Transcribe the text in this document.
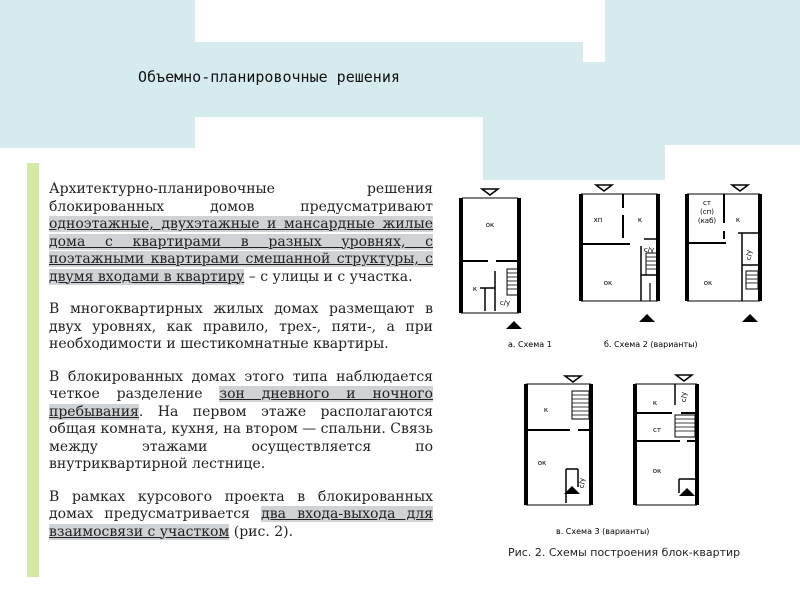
Объемно-планировочные решения

Архитектурно-планировочные решения блокированных домов предусматривают одноэтажные, двухэтажные и мансардные жилые дома с квартирами в разных уровнях, с поэтажными квартирами смешанной структуры, с двумя входами в квартиру – с улицы и с участка.

В многоквартирных жилых домах размещают в двух уровнях, как правило, трех-, пяти-, а при необходимости и шестикомнатные квартиры.

В блокированных домах этого типа наблюдается четкое разделение зон дневного и ночного пребывания. На первом этаже располагаются общая комната, кухня, на втором — спальни. Связь между этажами осуществляется по внутриквартирной лестнице.

В рамках курсового проекта в блокированных домах предусматривается два входа-выхода для взаимосвязи с участком (рис. 2).

ок
к
с/у
а. Схема 1
хп	к
с/у
ок
ст
(сп)
(каб)	к
с/у
ок
б. Схема 2 (варианты)
к
ок
с/у
к
с/у
ст
ок
в. Схема 3 (варианты)
Рис. 2. Схемы построения блок-квартир
